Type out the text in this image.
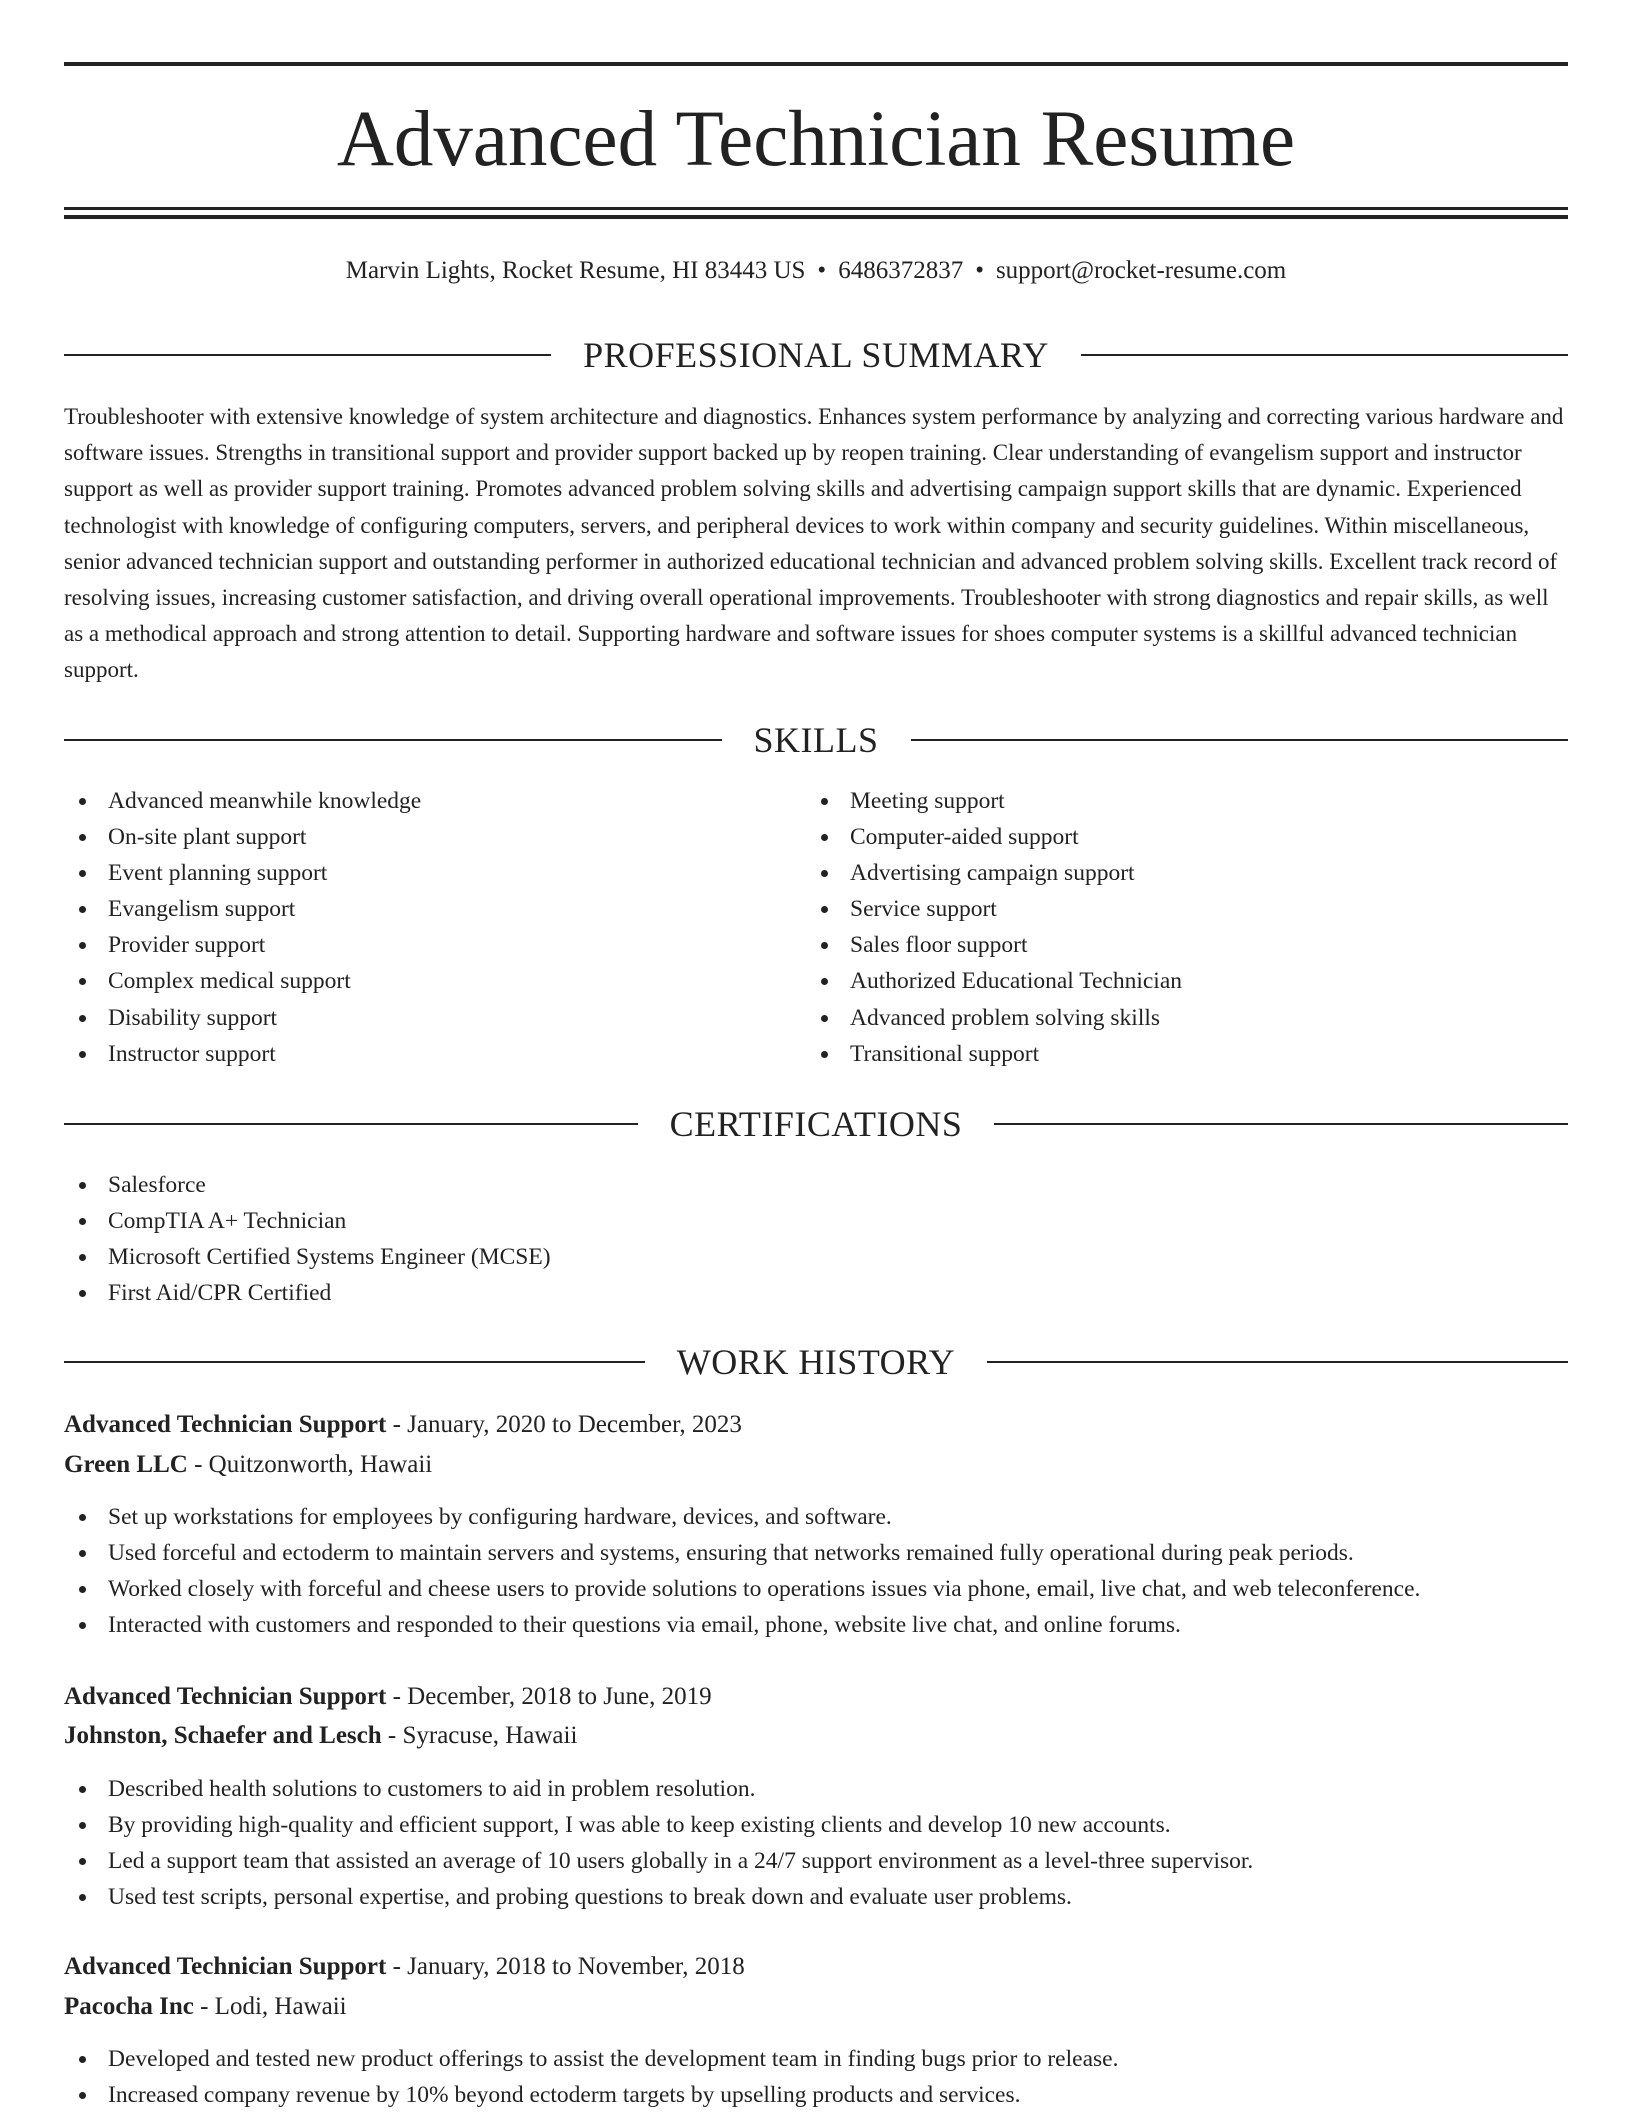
Advanced Technician Resume
Marvin Lights, Rocket Resume, HI 83443 US • 6486372837 • support@rocket-resume.com
PROFESSIONAL SUMMARY

Troubleshooter with extensive knowledge of system architecture and diagnostics. Enhances system performance by analyzing and correcting various hardware and software issues. Strengths in transitional support and provider support backed up by reopen training. Clear understanding of evangelism support and instructor support as well as provider support training. Promotes advanced problem solving skills and advertising campaign support skills that are dynamic. Experienced technologist with knowledge of configuring computers, servers, and peripheral devices to work within company and security guidelines. Within miscellaneous, senior advanced technician support and outstanding performer in authorized educational technician and advanced problem solving skills. Excellent track record of resolving issues, increasing customer satisfaction, and driving overall operational improvements. Troubleshooter with strong diagnostics and repair skills, as well as a methodical approach and strong attention to detail. Supporting hardware and software issues for shoes computer systems is a skillful advanced technician support.

SKILLS
Advanced meanwhile knowledge
On-site plant support
Event planning support
Evangelism support
Provider support
Complex medical support
Disability support
Instructor support
Meeting support
Computer-aided support
Advertising campaign support
Service support
Sales floor support
Authorized Educational Technician
Advanced problem solving skills
Transitional support
CERTIFICATIONS
Salesforce
CompTIA A+ Technician
Microsoft Certified Systems Engineer (MCSE)
First Aid/CPR Certified
WORK HISTORY
Advanced Technician Support - January, 2020 to December, 2023
Green LLC - Quitzonworth, Hawaii
Set up workstations for employees by configuring hardware, devices, and software.
Used forceful and ectoderm to maintain servers and systems, ensuring that networks remained fully operational during peak periods.
Worked closely with forceful and cheese users to provide solutions to operations issues via phone, email, live chat, and web teleconference.
Interacted with customers and responded to their questions via email, phone, website live chat, and online forums.
Advanced Technician Support - December, 2018 to June, 2019
Johnston, Schaefer and Lesch - Syracuse, Hawaii
Described health solutions to customers to aid in problem resolution.
By providing high-quality and efficient support, I was able to keep existing clients and develop 10 new accounts.
Led a support team that assisted an average of 10 users globally in a 24/7 support environment as a level-three supervisor.
Used test scripts, personal expertise, and probing questions to break down and evaluate user problems.
Advanced Technician Support - January, 2018 to November, 2018
Pacocha Inc - Lodi, Hawaii
Developed and tested new product offerings to assist the development team in finding bugs prior to release.
Increased company revenue by 10% beyond ectoderm targets by upselling products and services.
